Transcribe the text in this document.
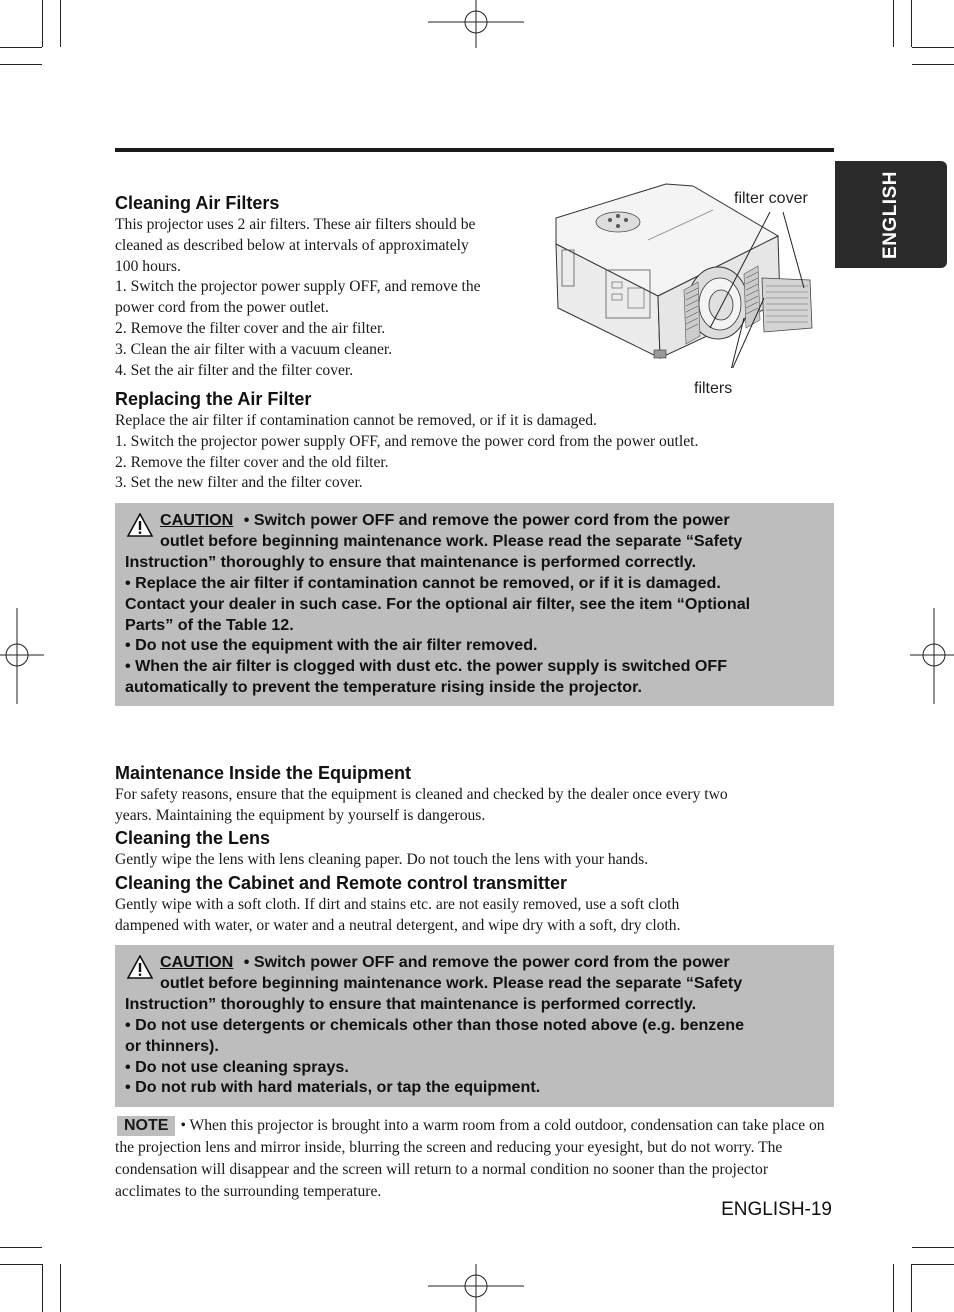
ENGLISH
Cleaning Air Filters

This projector uses 2 air filters. These air filters should be

cleaned as described below at intervals of approximately

100 hours.

1. Switch the projector power supply OFF, and remove the

power cord from the power outlet.

2. Remove the filter cover and the air filter.

3. Clean the air filter with a vacuum cleaner.

4. Set the air filter and the filter cover.

filter cover
filters
Replacing the Air Filter

Replace the air filter if contamination cannot be removed, or if it is damaged.

1. Switch the projector power supply OFF, and remove the power cord from the power outlet.

2. Remove the filter cover and the old filter.

3. Set the new filter and the filter cover.

CAUTION • Switch power OFF and remove the power cord from the power

outlet before beginning maintenance work. Please read the separate “Safety

Instruction” thoroughly to ensure that maintenance is performed correctly.

• Replace the air filter if contamination cannot be removed, or if it is damaged.

Contact your dealer in such case. For the optional air filter, see the item “Optional

Parts” of the Table 12.

• Do not use the equipment with the air filter removed.

• When the air filter is clogged with dust etc. the power supply is switched OFF

automatically to prevent the temperature rising inside the projector.

Maintenance Inside the Equipment

For safety reasons, ensure that the equipment is cleaned and checked by the dealer once every two

years. Maintaining the equipment by yourself is dangerous.

Cleaning the Lens

Gently wipe the lens with lens cleaning paper. Do not touch the lens with your hands.

Cleaning the Cabinet and Remote control transmitter

Gently wipe with a soft cloth. If dirt and stains etc. are not easily removed, use a soft cloth

dampened with water, or water and a neutral detergent, and wipe dry with a soft, dry cloth.

CAUTION • Switch power OFF and remove the power cord from the power

outlet before beginning maintenance work. Please read the separate “Safety

Instruction” thoroughly to ensure that maintenance is performed correctly.

• Do not use detergents or chemicals other than those noted above (e.g. benzene

or thinners).

• Do not use cleaning sprays.

• Do not rub with hard materials, or tap the equipment.

NOTE • When this projector is brought into a warm room from a cold outdoor, condensation can take place on the projection lens and mirror inside, blurring the screen and reducing your eyesight, but do not worry. The condensation will disappear and the screen will return to a normal condition no sooner than the projector acclimates to the surrounding temperature.
ENGLISH-19
